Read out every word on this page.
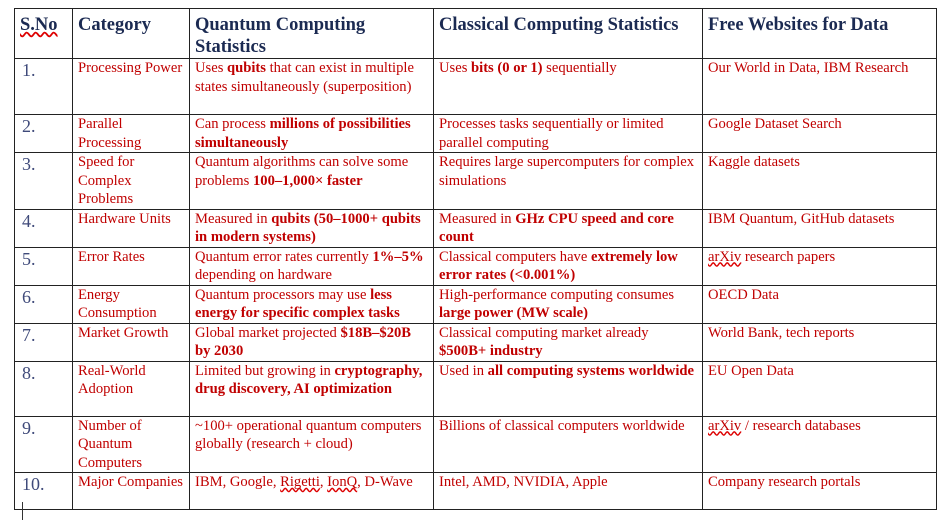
S.No	Category	Quantum Computing Statistics	Classical Computing Statistics	Free Websites for Data
1.	Processing Power	Uses qubits that can exist in multiple states simultaneously (superposition)	Uses bits (0 or 1) sequentially	Our World in Data, IBM Research
2.	Parallel Processing	Can process millions of possibilities simultaneously	Processes tasks sequentially or limited parallel computing	Google Dataset Search
3.	Speed for Complex Problems	Quantum algorithms can solve some problems 100–1,000× faster	Requires large supercomputers for complex simulations	Kaggle datasets
4.	Hardware Units	Measured in qubits (50–1000+ qubits in modern systems)	Measured in GHz CPU speed and core count	IBM Quantum, GitHub datasets
5.	Error Rates	Quantum error rates currently 1%–5% depending on hardware	Classical computers have extremely low error rates (<0.001%)	arXiv research papers
6.	Energy Consumption	Quantum processors may use less energy for specific complex tasks	High-performance computing consumes large power (MW scale)	OECD Data
7.	Market Growth	Global market projected $18B–$20B by 2030	Classical computing market already $500B+ industry	World Bank, tech reports
8.	Real-World Adoption	Limited but growing in cryptography, drug discovery, AI optimization	Used in all computing systems worldwide	EU Open Data
9.	Number of Quantum Computers	~100+ operational quantum computers globally (research + cloud)	Billions of classical computers worldwide	arXiv / research databases
10.	Major Companies	IBM, Google, Rigetti, IonQ, D-Wave	Intel, AMD, NVIDIA, Apple	Company research portals
